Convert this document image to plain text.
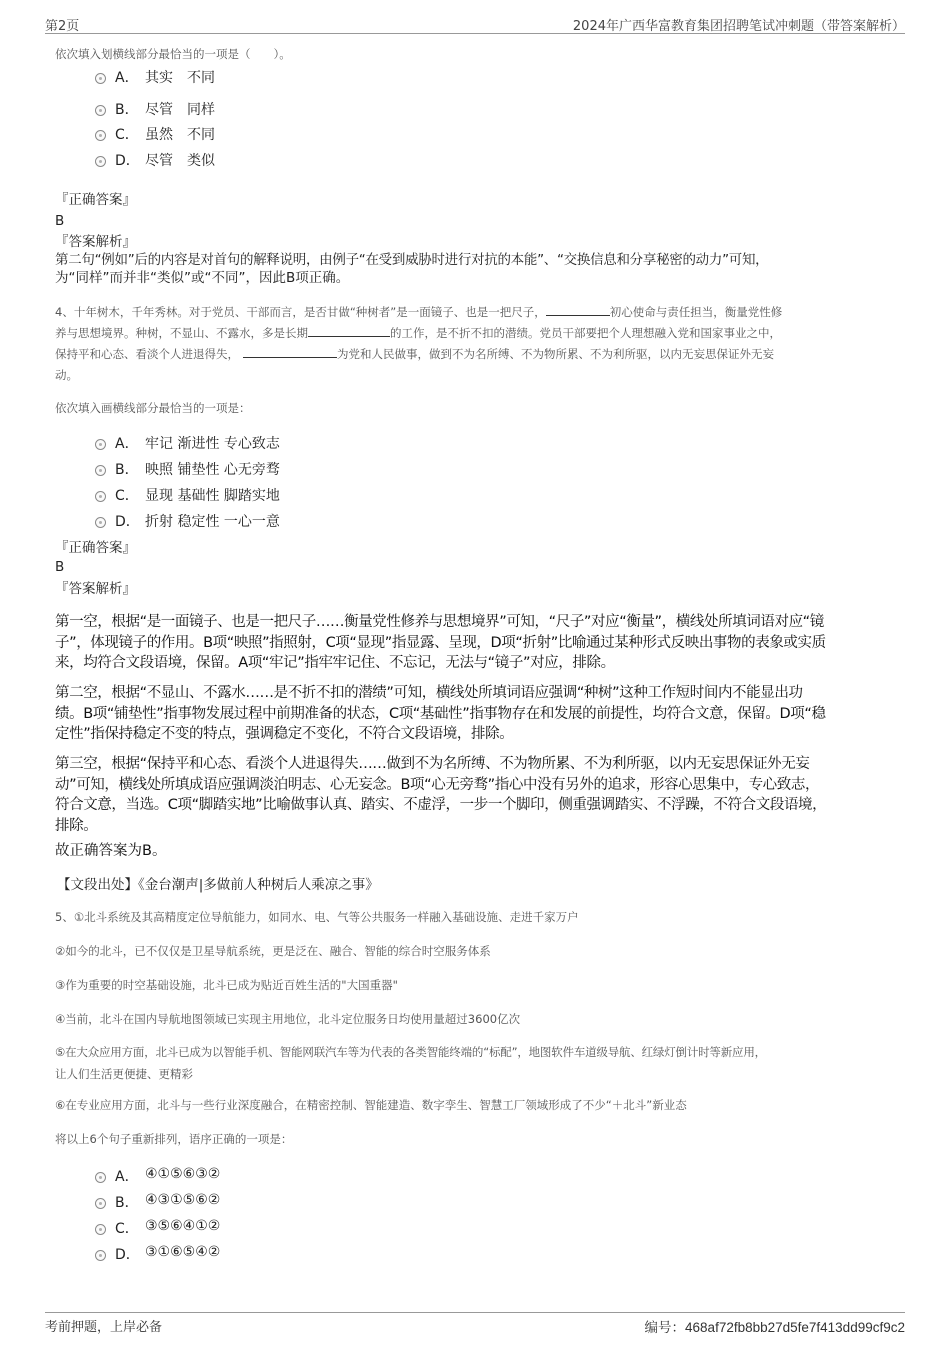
第2页	2024年广西华富教育集团招聘笔试冲刺题（带答案解析）
依次填入划横线部分最恰当的一项是（　　）。
A． 其实　不同
B． 尽管　同样
C． 虽然　不同
D． 尽管　类似
『正确答案』
B
『答案解析』
第二句“例如”后的内容是对首句的解释说明，由例子“在受到威胁时进行对抗的本能”、“交换信息和分享秘密的动力”可知，
为“同样”而并非“类似”或“不同”，因此B项正确。
4、十年树木，千年秀林。对于党员、干部而言，是否甘做“种树者”是一面镜子、也是一把尺子，	初心使命与责任担当，衡量党性修
养与思想境界。种树，不显山、不露水，多是长期	的工作，是不折不扣的潜绩。党员干部要把个人理想融入党和国家事业之中，
保持平和心态、看淡个人进退得失，	为党和人民做事，做到不为名所缚、不为物所累、不为利所驱，以内无妄思保证外无妄
动。
依次填入画横线部分最恰当的一项是：
A． 牢记 渐进性 专心致志
B． 映照 铺垫性 心无旁骛
C． 显现 基础性 脚踏实地
D． 折射 稳定性 一心一意
『正确答案』
B
『答案解析』
第一空，根据“是一面镜子、也是一把尺子……衡量党性修养与思想境界”可知，“尺子”对应“衡量”，横线处所填词语对应“镜
子”，体现镜子的作用。B项“映照”指照射，C项“显现”指显露、呈现，D项“折射”比喻通过某种形式反映出事物的表象或实质
来，均符合文段语境，保留。A项“牢记”指牢牢记住、不忘记，无法与“镜子”对应，排除。
第二空，根据“不显山、不露水……是不折不扣的潜绩”可知，横线处所填词语应强调“种树”这种工作短时间内不能显出功
绩。B项“铺垫性”指事物发展过程中前期准备的状态，C项“基础性”指事物存在和发展的前提性，均符合文意，保留。D项“稳
定性”指保持稳定不变的特点，强调稳定不变化，不符合文段语境，排除。
第三空，根据“保持平和心态、看淡个人进退得失……做到不为名所缚、不为物所累、不为利所驱，以内无妄思保证外无妄
动”可知，横线处所填成语应强调淡泊明志、心无妄念。B项“心无旁骛”指心中没有另外的追求，形容心思集中，专心致志，
符合文意，当选。C项“脚踏实地”比喻做事认真、踏实、不虚浮，一步一个脚印，侧重强调踏实、不浮躁，不符合文段语境，
排除。
故正确答案为B。
【文段出处】《金台潮声|多做前人种树后人乘凉之事》
5、①北斗系统及其高精度定位导航能力，如同水、电、气等公共服务一样融入基础设施、走进千家万户
②如今的北斗，已不仅仅是卫星导航系统，更是泛在、融合、智能的综合时空服务体系
③作为重要的时空基础设施，北斗已成为贴近百姓生活的"大国重器"
④当前，北斗在国内导航地图领域已实现主用地位，北斗定位服务日均使用量超过3600亿次
⑤在大众应用方面，北斗已成为以智能手机、智能网联汽车等为代表的各类智能终端的“标配”，地图软件车道级导航、红绿灯倒计时等新应用，
让人们生活更便捷、更精彩
⑥在专业应用方面，北斗与一些行业深度融合，在精密控制、智能建造、数字孪生、智慧工厂领域形成了不少“＋北斗”新业态
将以上6个句子重新排列，语序正确的一项是：
A． ④①⑤⑥③②
B． ④③①⑤⑥②
C． ③⑤⑥④①②
D． ③①⑥⑤④②
考前押题，上岸必备	编号：468af72fb8bb27d5fe7f413dd99cf9c2
